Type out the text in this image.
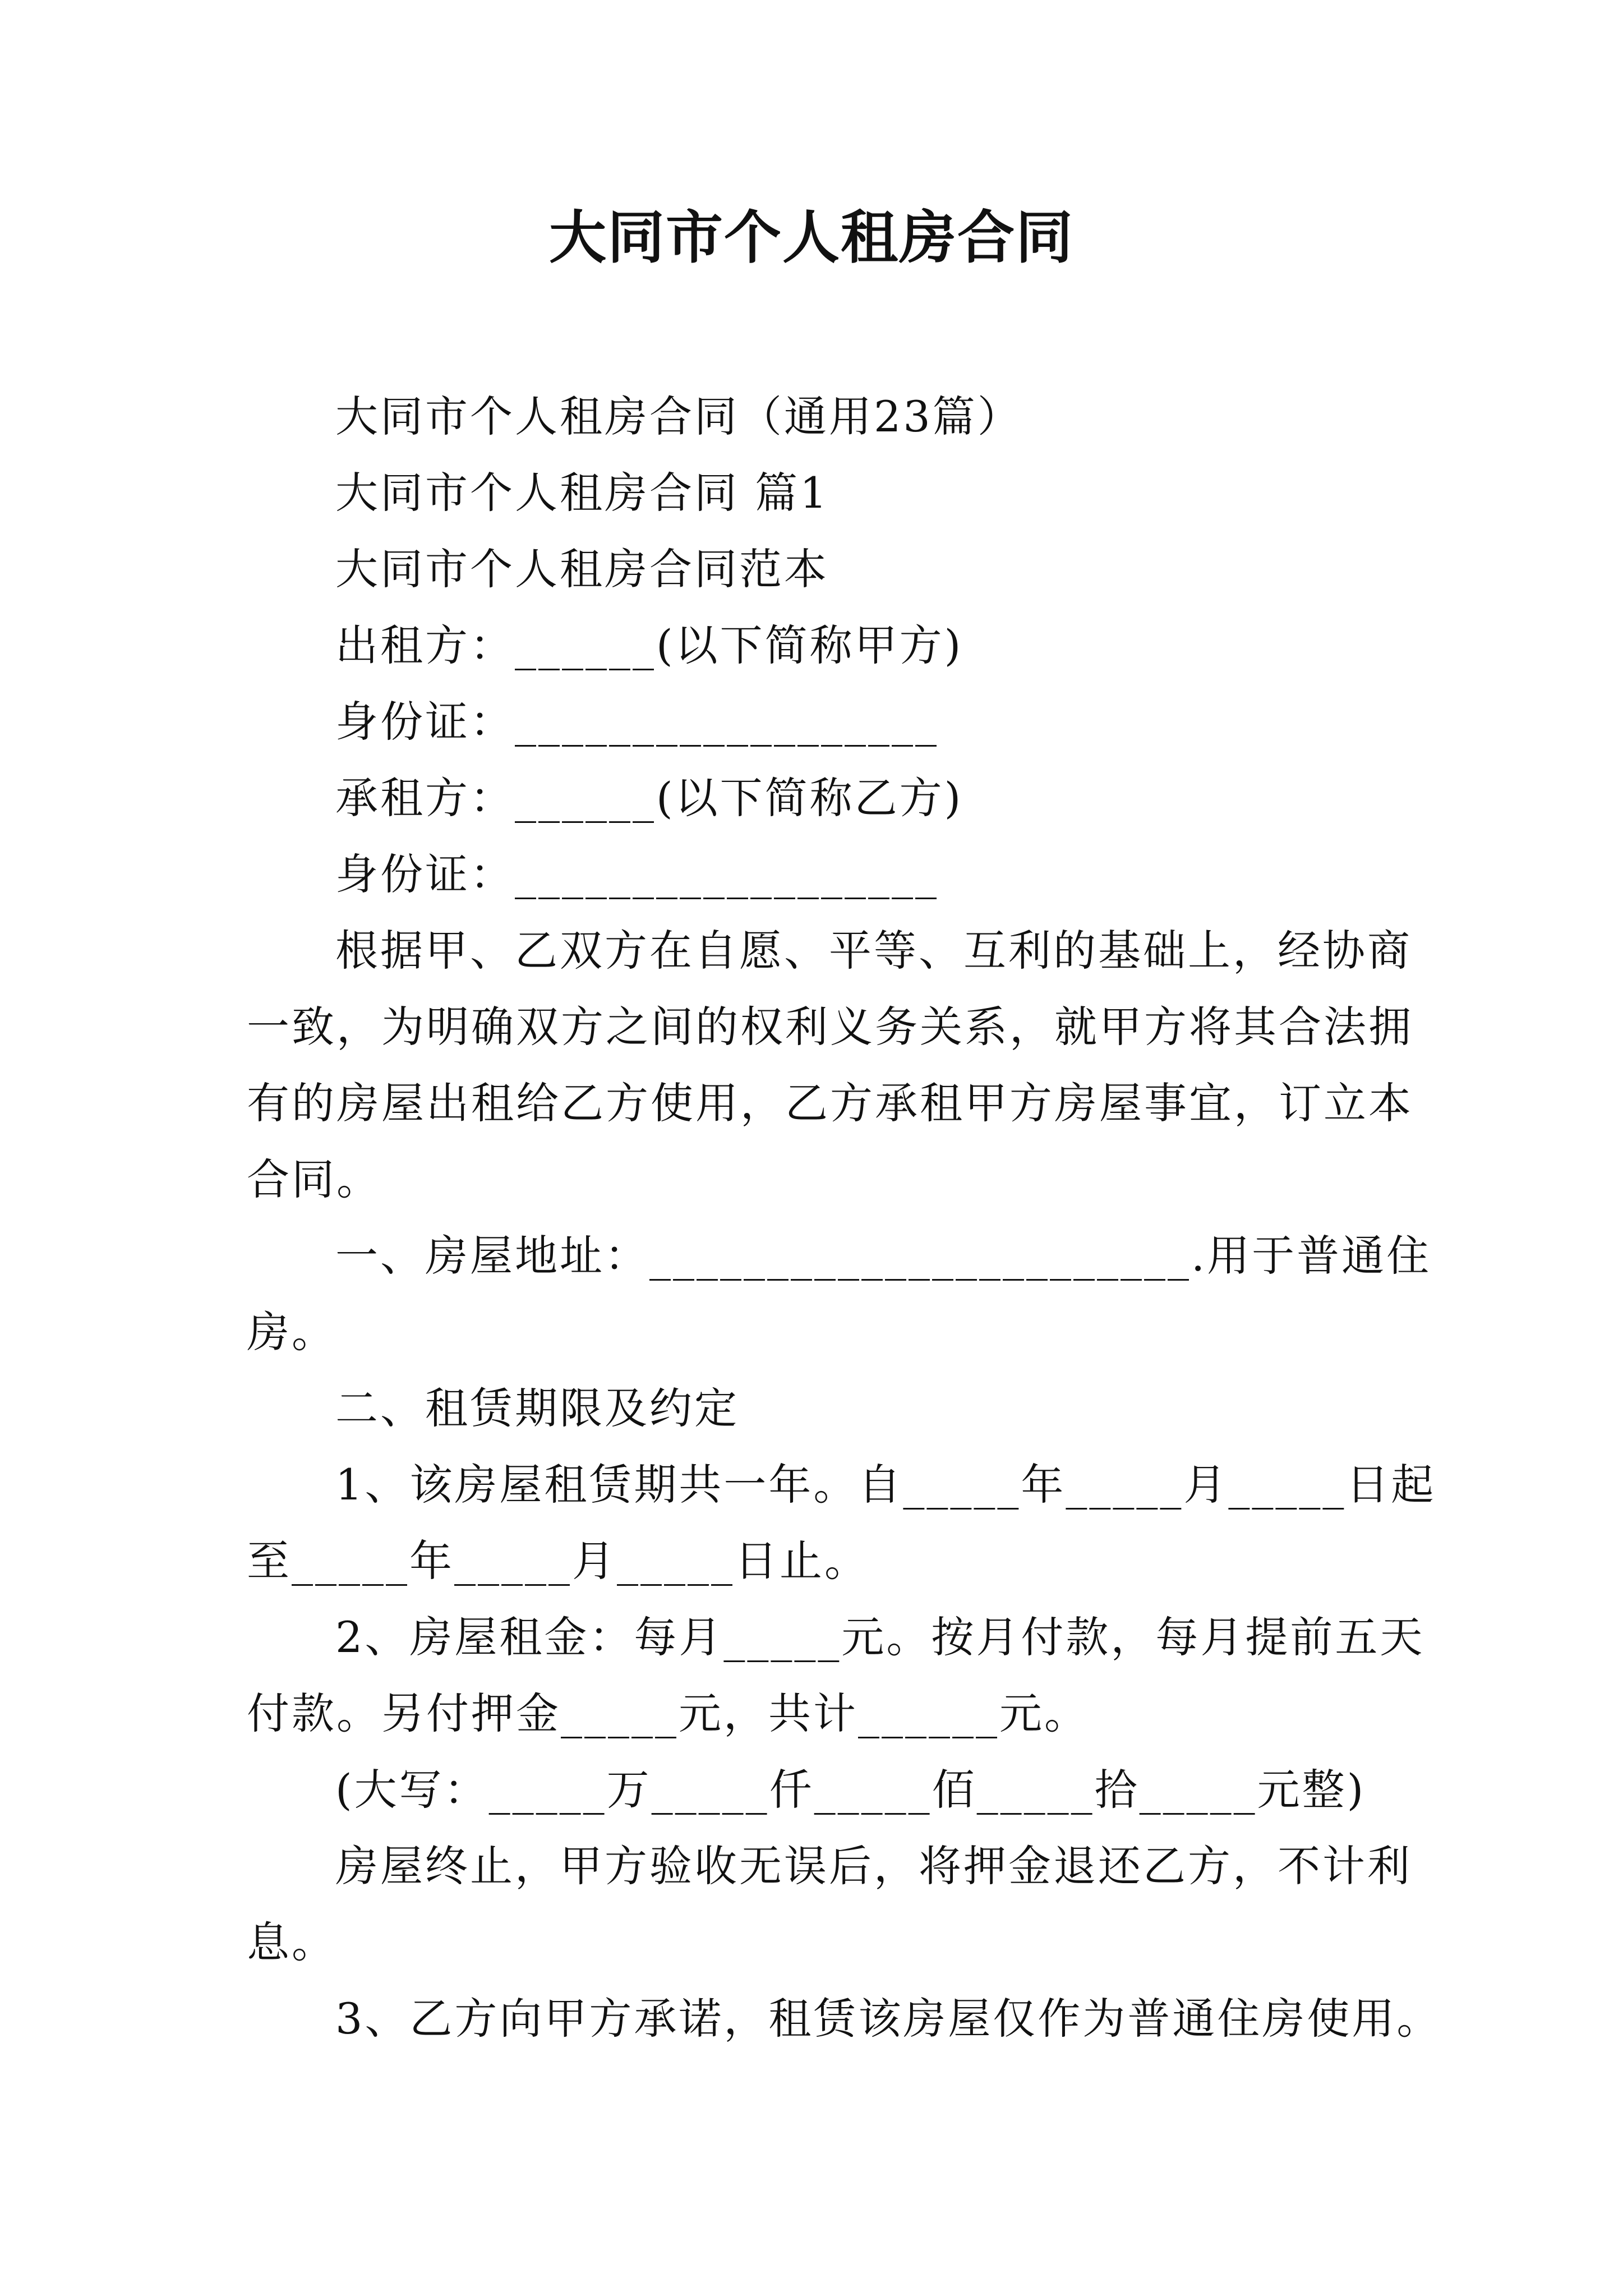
大同市个人租房合同
大同市个人租房合同（通用23篇）
大同市个人租房合同 篇1
大同市个人租房合同范本
出租方：______(以下简称甲方)
身份证：__________________
承租方：______(以下简称乙方)
身份证：__________________
根据甲、乙双方在自愿、平等、互利的基础上，经协商
一致，为明确双方之间的权利义务关系，就甲方将其合法拥
有的房屋出租给乙方使用，乙方承租甲方房屋事宜，订立本
合同。
一、房屋地址：_______________________.用于普通住
房。
二、租赁期限及约定
1、该房屋租赁期共一年。自_____年_____月_____日起
至_____年_____月_____日止。
2、房屋租金：每月_____元。按月付款，每月提前五天
付款。另付押金_____元，共计______元。
(大写：_____万_____仟_____佰_____拾_____元整)
房屋终止，甲方验收无误后，将押金退还乙方，不计利
息。
3、乙方向甲方承诺，租赁该房屋仅作为普通住房使用。
